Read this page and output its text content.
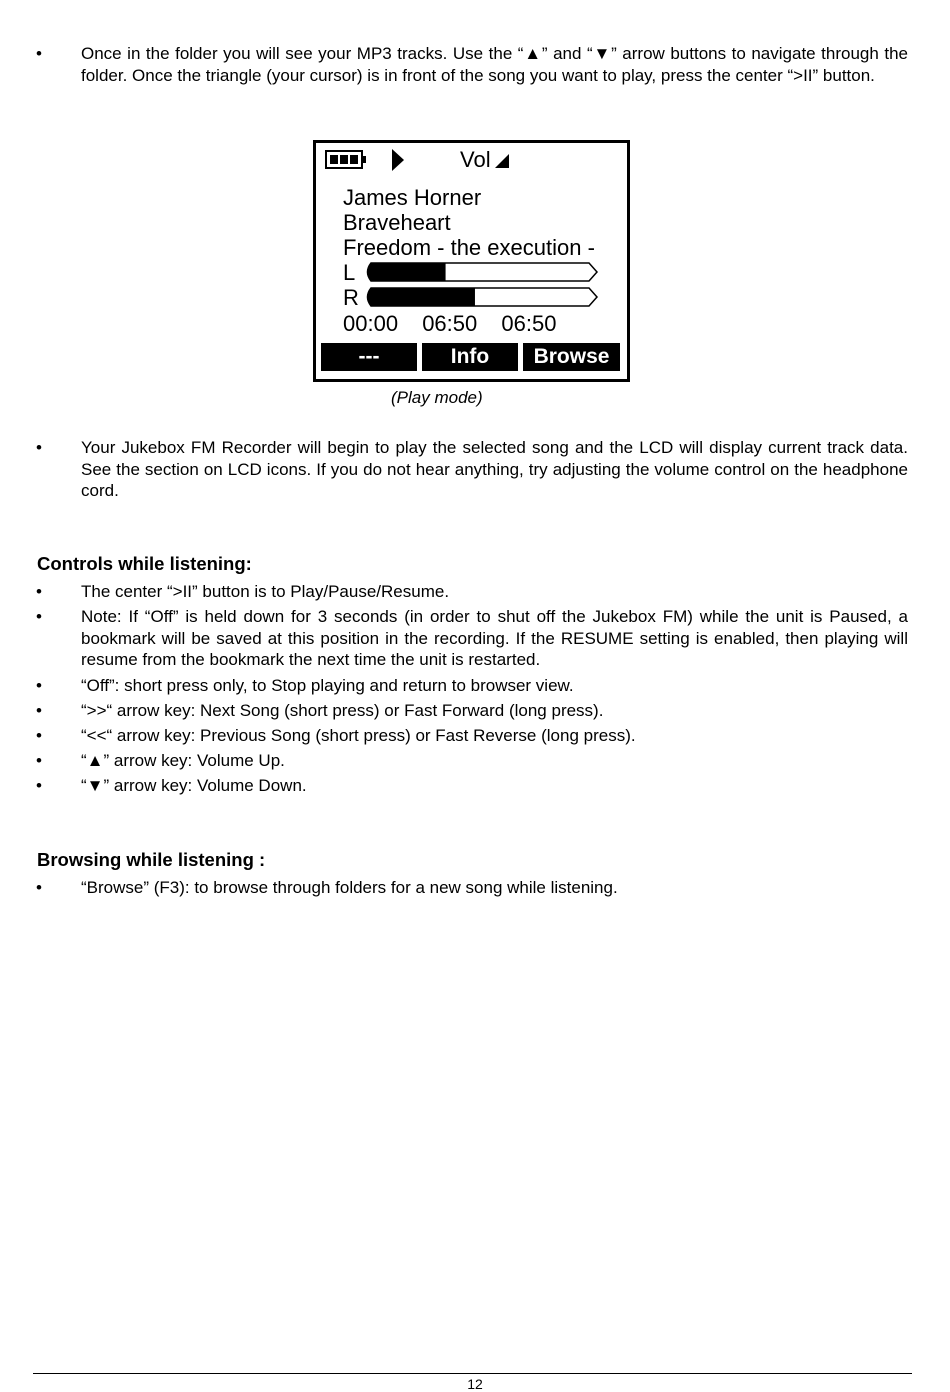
•	Once in the folder you will see your MP3 tracks. Use the “▲” and “▼” arrow buttons to navigate through the folder. Once the triangle (your cursor) is in front of the song you want to play, press the center “>II” button.
Vol
James Horner
Braveheart
Freedom - the execution -
L
R
00:00 06:50 06:50
---	Info	Browse
(Play mode)
•	Your Jukebox FM Recorder will begin to play the selected song and the LCD will display current track data. See the section on LCD icons. If you do not hear anything, try adjusting the volume control on the headphone cord.
Controls while listening:
•	The center “>II” button is to Play/Pause/Resume.
•	Note: If “Off” is held down for 3 seconds (in order to shut off the Jukebox FM) while the unit is Paused, a bookmark will be saved at this position in the recording. If the RESUME setting is enabled, then playing will resume from the bookmark the next time the unit is restarted.
•	“Off”: short press only, to Stop playing and return to browser view.
•	“>>“ arrow key: Next Song (short press) or Fast Forward (long press).
•	“<<“ arrow key: Previous Song (short press) or Fast Reverse (long press).
•	“▲” arrow key: Volume Up.
•	“▼” arrow key: Volume Down.
Browsing while listening :
•	“Browse” (F3): to browse through folders for a new song while listening.
12
